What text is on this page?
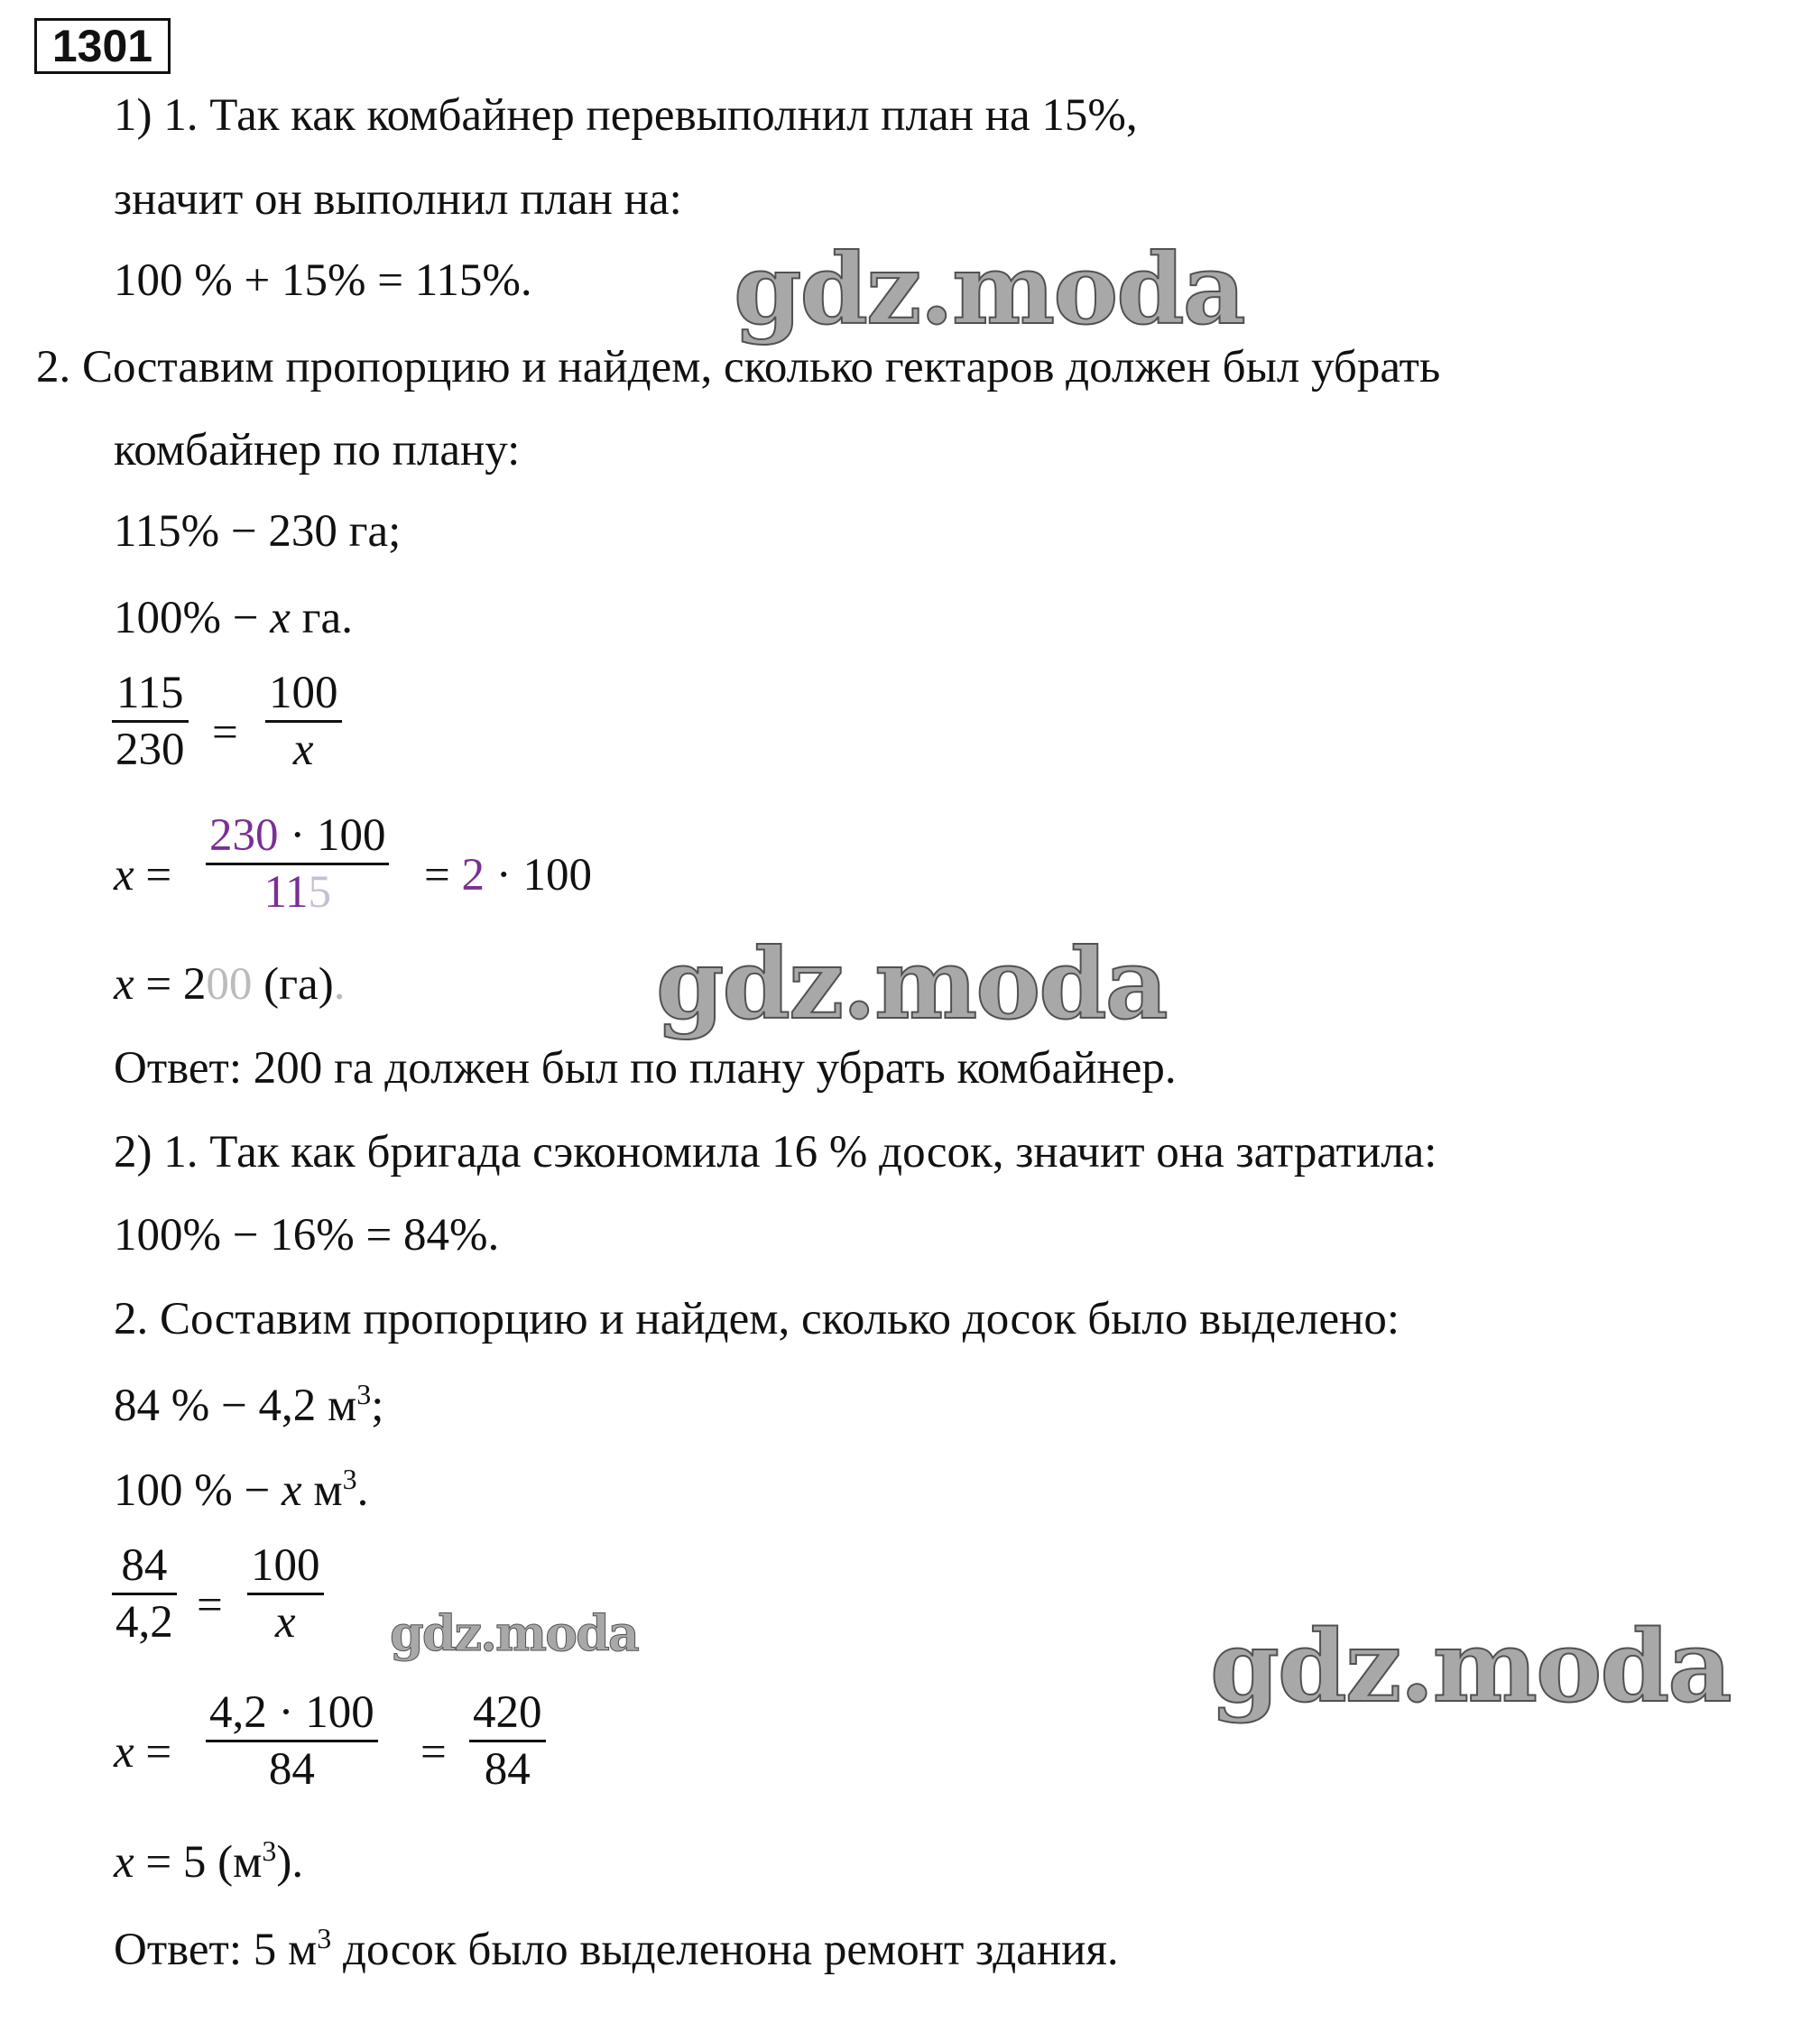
1301
1) 1. Так как комбайнер перевыполнил план на 15%,
значит он выполнил план на:
100 % + 15% = 115%.
2. Составим пропорцию и найдем, сколько гектаров должен был убрать
комбайнер по плану:
115% − 230 га;
100% − x га.
115
230 =
100
x
x =
230 · 100
115	= 2 · 100
x = 200 (га).
Ответ: 200 га должен был по плану убрать комбайнер.
2) 1. Так как бригада сэкономила 16 % досок, значит она затратила:
100% − 16% = 84%.
2. Составим пропорцию и найдем, сколько досок было выделено:
84 % − 4,2 $м^3$;
100 % − x $м^3$.
84
4,2 =
100
x
x =
4,2 · 100
84	=
420
84
x = 5 $(м^3)$.
Ответ: 5 $м^3$ досок было выделенона ремонт здания.
gdz.moda
gdz.moda
gdz.moda	gdz.moda
